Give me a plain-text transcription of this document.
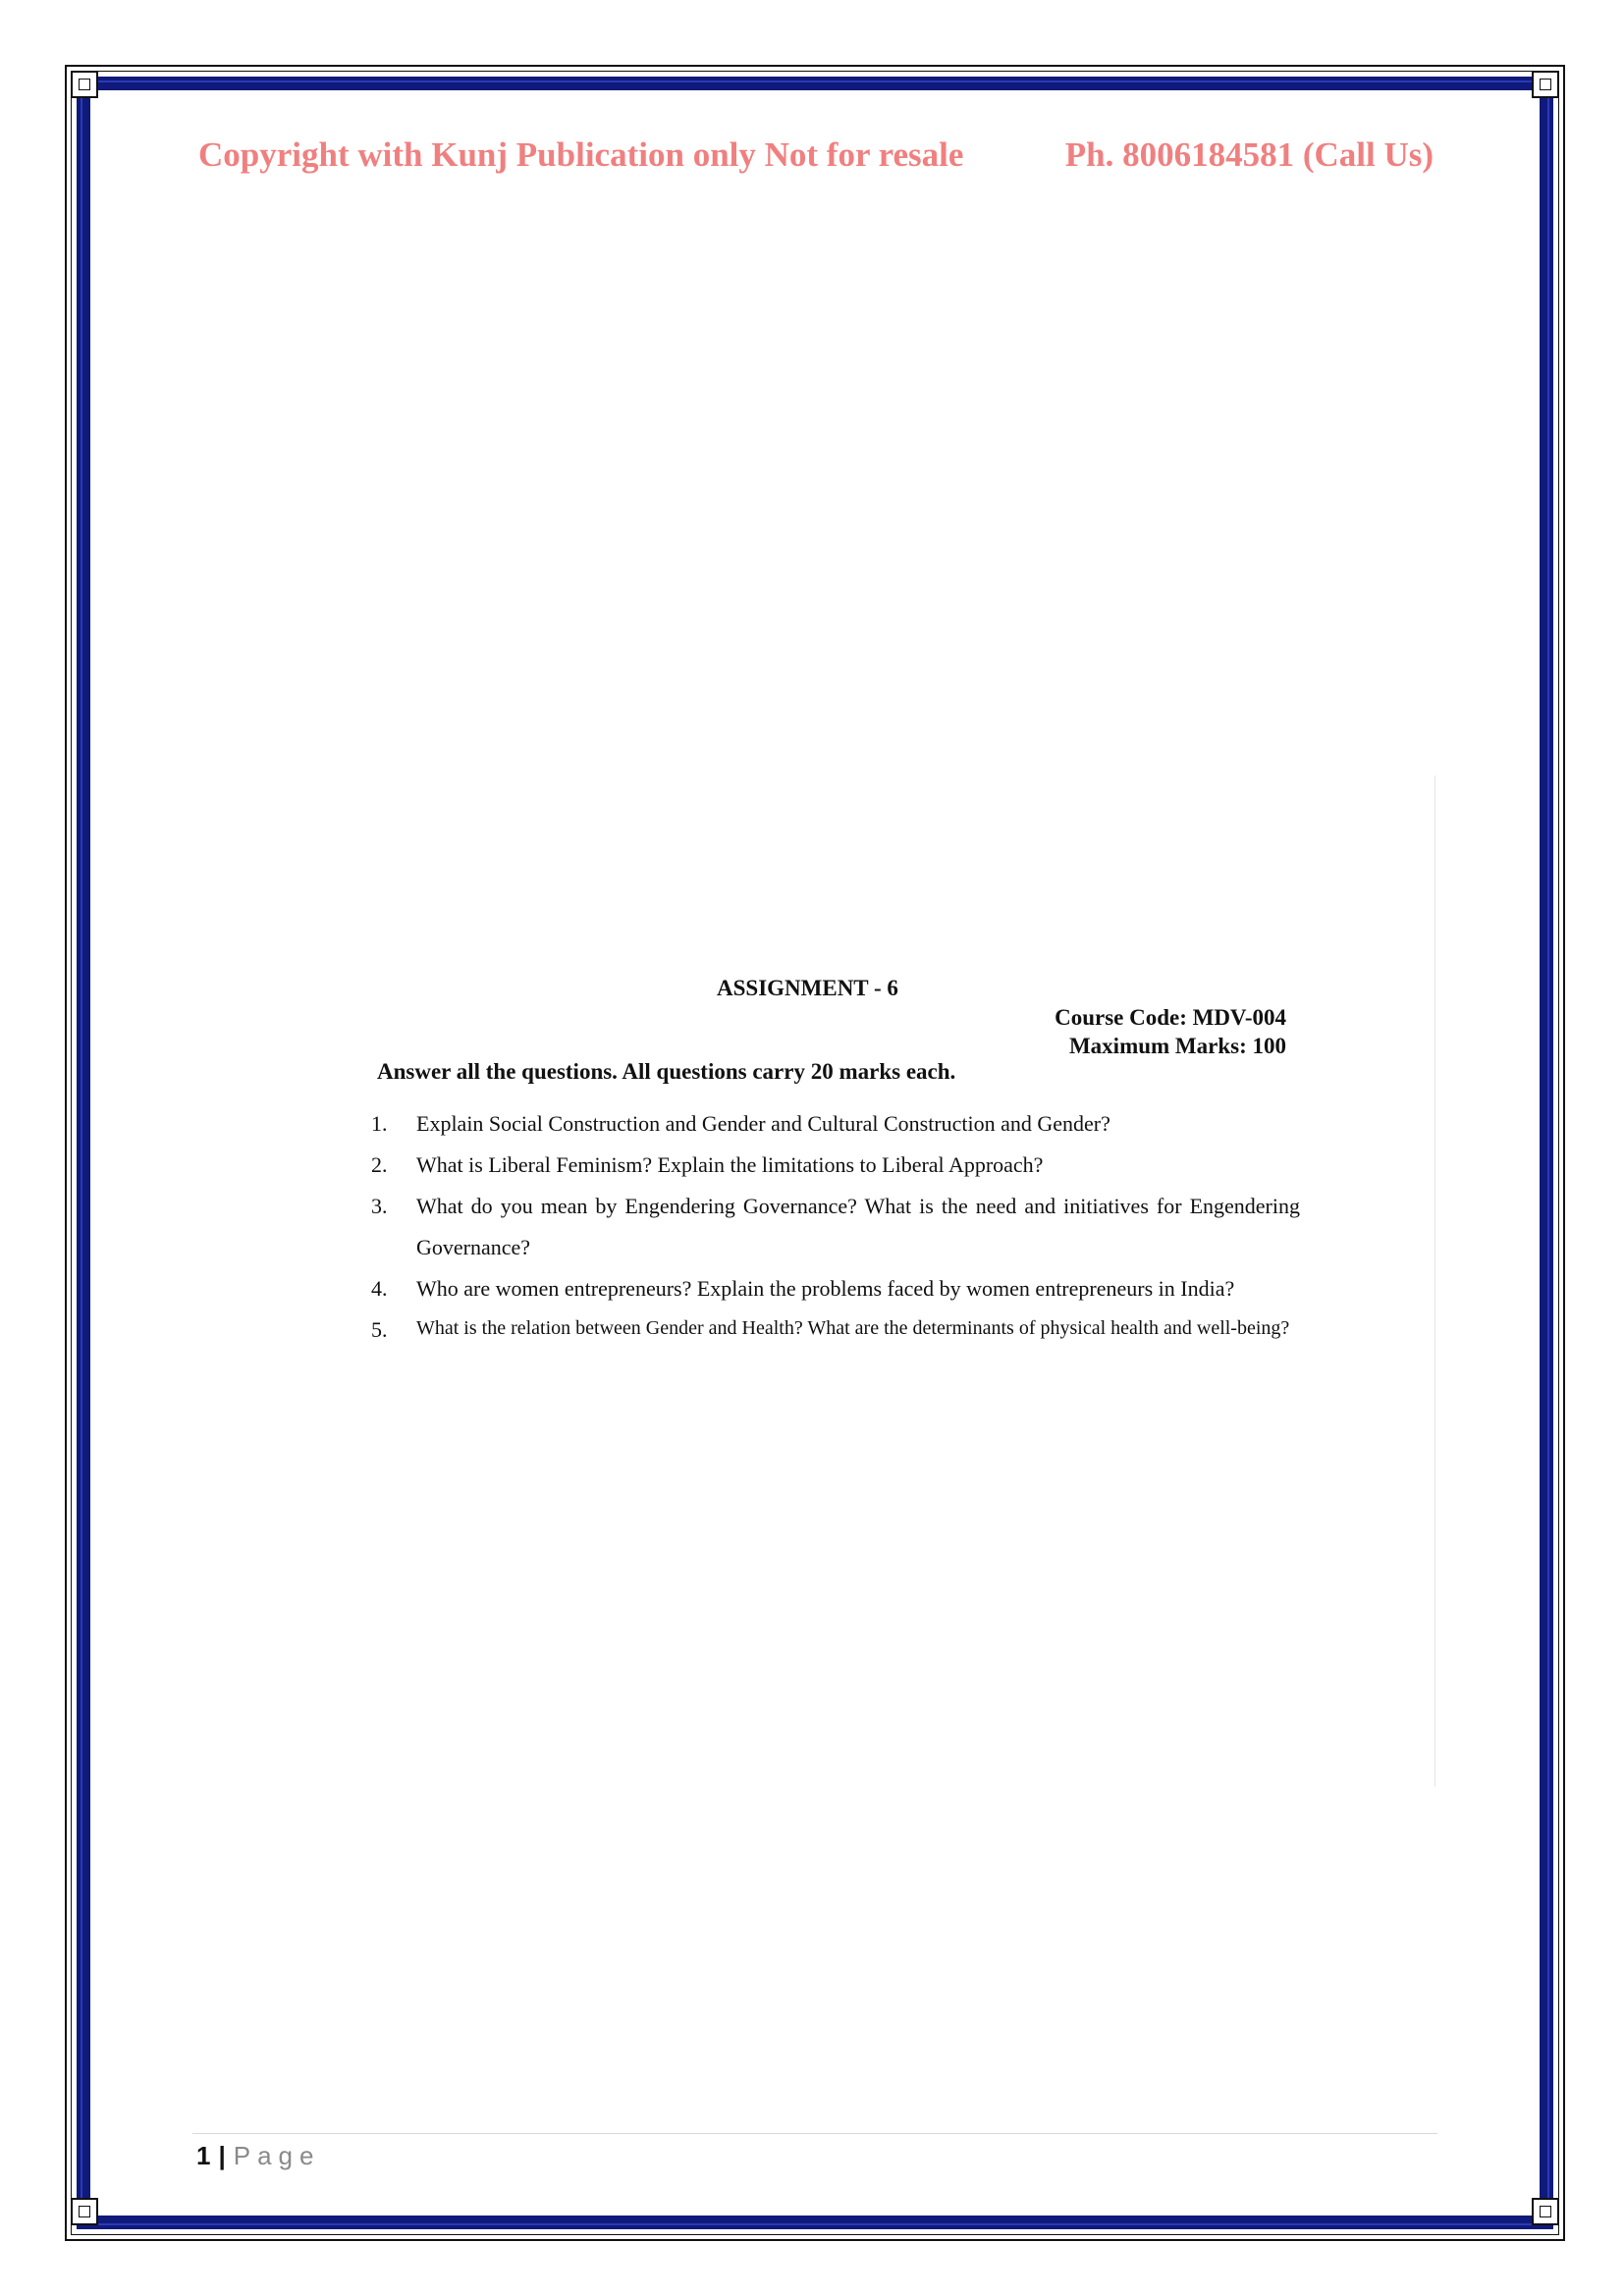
Copyright with Kunj Publication only Not for resale	Ph. 8006184581 (Call Us)
ASSIGNMENT - 6
Course Code: MDV-004
Maximum Marks: 100
Answer all the questions. All questions carry 20 marks each.
1.	Explain Social Construction and Gender and Cultural Construction and Gender?
2.	What is Liberal Feminism? Explain the limitations to Liberal Approach?
3.	What do you mean by Engendering Governance? What is the need and initiatives for Engendering Governance?
4.	Who are women entrepreneurs? Explain the problems faced by women entrepreneurs in India?
5.	What is the relation between Gender and Health? What are the determinants of physical health and well-being?
1 | Page
